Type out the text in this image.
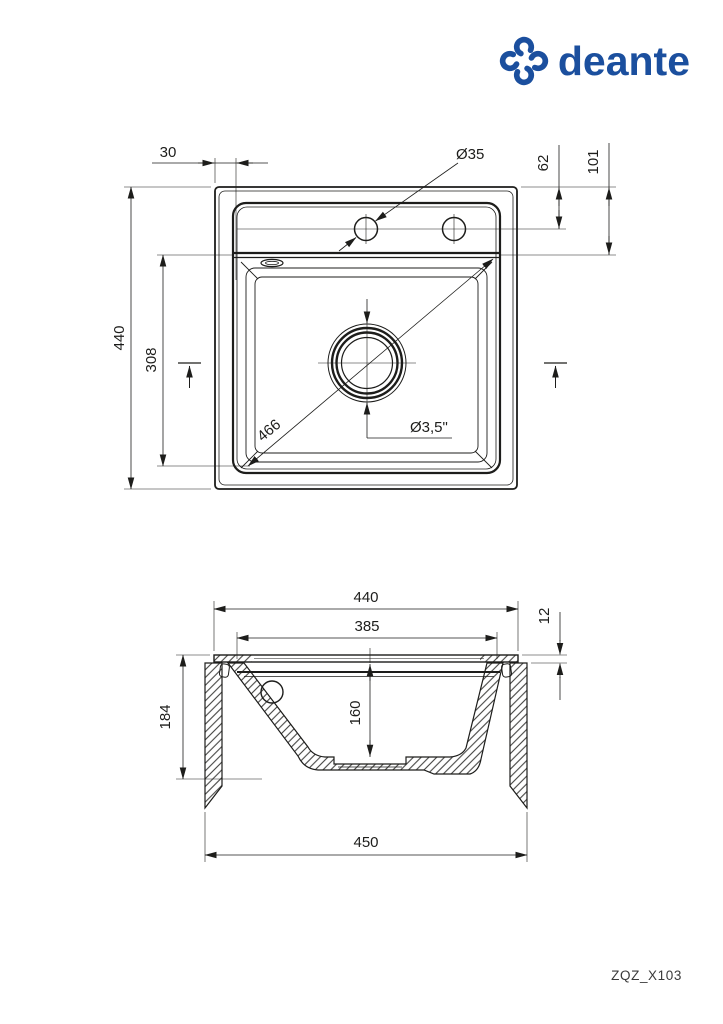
deante
30
440
308
62 101
Ø35
466	Ø3,5"
440
385
12
184	160
450
ZQZ_X103
